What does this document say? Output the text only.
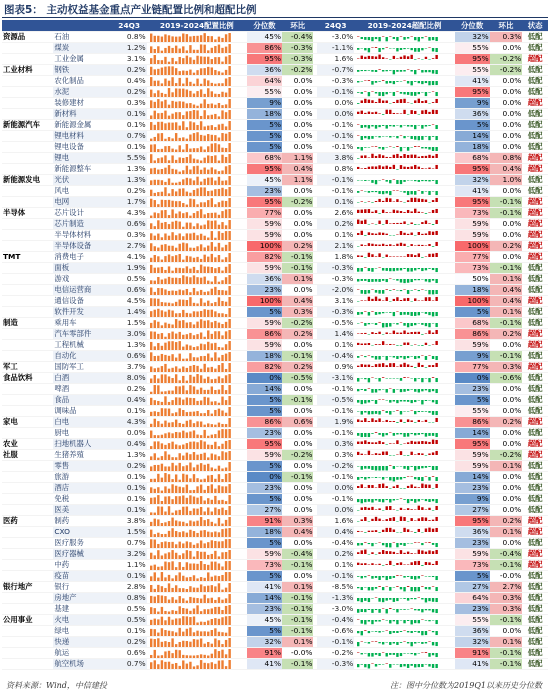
图表5： 主动权益基金重点产业链配置比例和超配比例
		24Q3	2019-2024配置比例	分位数	环比		24Q3	2019-2024超配比例	分位数	环比	状态
资源品	石油	0.8%		45%	-0.4%		-3.0%		32%	0.3%	低配
	煤炭	1.2%		86%	-0.3%		-1.1%		55%	0.0%	低配
	工业金属	3.1%		95%	-0.3%		1.6%		95%	-0.2%	超配
工业材料	钢铁	0.2%		36%	-0.2%		-0.7%		55%	-0.2%	低配
	农化制品	0.4%		64%	0.0%		-0.3%		41%	0.0%	低配
	水泥	0.2%		55%	0.0%		-0.1%		95%	0.0%	低配
	装修建材	0.3%		9%	0.0%		0.0%		9%	0.0%	超配
	新材料	0.1%		18%	0.0%		0.0%		36%	0.0%	低配
新能源汽车	新能源金属	0.1%		5%	0.0%		-0.1%		5%	0.0%	低配
	锂电材料	0.7%		5%	0.0%		-0.1%		14%	0.0%	低配
	锂电设备	0.1%		5%	0.0%		-0.1%		18%	0.0%	低配
	锂电	5.5%		68%	1.1%		3.8%		68%	0.8%	超配
	新能源整车	1.3%		95%	0.4%		0.8%		95%	0.4%	超配
新能源发电	光伏	1.3%		45%	1.1%		-0.1%		32%	1.0%	低配
	风电	0.2%		23%	0.0%		-0.1%		41%	0.0%	低配
	电网	1.7%		95%	-0.2%		0.1%		95%	-0.1%	超配
半导体	芯片设计	4.3%		77%	0.0%		2.6%		73%	-0.1%	超配
	芯片制造	0.6%		59%	0.0%		0.2%		59%	0.0%	超配
	半导体材料	0.3%		59%	0.0%		0.1%		59%	0.0%	超配
	半导体设备	2.7%		100%	0.2%		2.1%		100%	0.2%	超配
TMT	消费电子	4.1%		82%	-0.1%		1.8%		77%	0.0%	超配
	面板	1.9%		59%	-0.1%		-0.3%		73%	-0.1%	低配
	游戏	0.5%		36%	0.1%		-0.3%		50%	0.1%	低配
	电信运营商	0.6%		23%	0.0%		-2.0%		18%	0.4%	低配
	通信设备	4.5%		100%	0.4%		3.1%		100%	0.4%	超配
	软件开发	1.4%		5%	0.3%		-0.3%		5%	0.1%	低配
制造	乘用车	1.5%		59%	-0.2%		-0.5%		68%	-0.1%	低配
	汽车零部件	3.0%		86%	0.2%		1.4%		86%	0.2%	超配
	工程机械	1.3%		59%	0.0%		0.1%		59%	0.0%	超配
	自动化	0.6%		18%	-0.1%		-0.4%		9%	-0.1%	低配
军工	国防军工	3.7%		82%	0.2%		0.9%		77%	0.3%	超配
食品饮料	白酒	8.0%		0%	-0.5%		-3.1%		0%	-0.6%	低配
	啤酒	0.2%		14%	0.0%		-0.1%		23%	0.0%	低配
	食品	0.4%		5%	-0.1%		-0.5%		5%	0.0%	低配
	调味品	0.1%		5%	0.0%		-0.1%		55%	0.0%	低配
家电	白电	4.3%		86%	0.6%		1.9%		86%	0.2%	超配
	厨电	0.0%		23%	0.0%		-0.1%		14%	0.0%	低配
农业	扫地机器人	0.4%		95%	0.0%		0.3%		95%	0.0%	超配
社服	生猪养殖	1.3%		59%	-0.2%		0.3%		59%	-0.2%	超配
	零售	0.2%		5%	0.0%		-0.2%		59%	0.1%	低配
	旅游	0.1%		0%	-0.1%		-0.1%		14%	0.0%	低配
	酒店	0.1%		23%	0.0%		0.0%		23%	0.0%	低配
	免税	0.1%		5%	0.0%		-0.1%		9%	0.0%	低配
	医美	0.1%		27%	0.0%		0.0%		27%	0.0%	低配
医药	制药	3.8%		91%	0.3%		1.6%		95%	0.2%	超配
	CXO	1.5%		18%	0.4%		0.4%		36%	0.1%	超配
	医疗服务	0.7%		5%	0.0%		-0.4%		23%	0.0%	低配
	医疗器械	3.2%		59%	-0.4%		0.2%		59%	-0.4%	超配
	中药	1.1%		73%	-0.1%		0.1%		73%	-0.1%	超配
	疫苗	0.1%		5%	0.0%		-0.1%		5%	-0.0%	低配
银行地产	银行	2.8%		41%	0.1%		-8.5%		27%	2.7%	低配
	房地产	0.8%		14%	-0.1%		-1.3%		64%	0.3%	低配
	基建	0.5%		23%	-0.1%		-3.0%		23%	0.3%	低配
公用事业	火电	0.5%		45%	-0.1%		-0.4%		55%	-0.1%	低配
	绿电	0.1%		5%	-0.1%		-0.6%		36%	0.0%	低配
	快递	0.2%		32%	0.1%		-0.1%		32%	0.1%	低配
	航运	0.6%		91%	-0.0%		-0.2%		91%	-0.1%	低配
	航空机场	0.7%		41%	-0.1%		-0.3%		41%	-0.1%	低配
资料来源：Wind，中信建投	注：图中分位数为2019Q1以来历史分位数
